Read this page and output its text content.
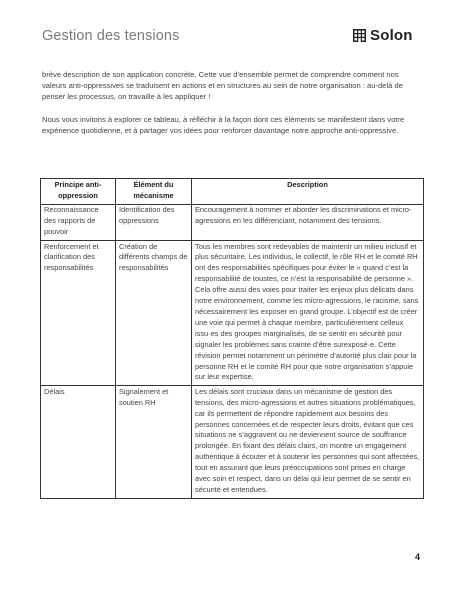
Gestion des tensions	Solon

brève description de son application concrète. Cette vue d’ensemble permet de comprendre comment nos valeurs anti-oppressives se traduisent en actions et en structures au sein de notre organisation : au-delà de penser les processus, on travaille à les appliquer !

Nous vous invitons à explorer ce tableau, à réfléchir à la façon dont ces éléments se manifestent dans votre expérience quotidienne, et à partager vos idées pour renforcer davantage notre approche anti-oppressive.

Principe anti-oppression	Élément du mécanisme	Description
Reconnaissance des rapports de pouvoir	Identification des oppressions	Encouragement à nommer et aborder les discriminations et micro-agressions en les différenciant, notamment des tensions.
Renforcement et clarification des responsabilités	Création de différents champs de responsabilités	Tous les membres sont redevables de maintenir un milieu inclusif et plus sécuritaire. Les individus, le collectif, le rôle RH et le comité RH ont des responsabilités spécifiques pour éviter le « quand c’est la responsabilité de toustes, ce n’est la responsabilité de personne ». Cela offre aussi des voies pour traiter les enjeux plus délicats dans notre environnement, comme les micro-agressions, le racisme, sans nécessairement les exposer en grand groupe. L’objectif est de créer une voie qui permet à chaque membre, particulièrement celleux issu·es des groupes marginalisés, de se sentir en sécurité pour signaler les problèmes sans crainte d’être surexposé·e. Cette révision permet notamment un périmètre d’autorité plus clair pour la personne RH et le comité RH pour que notre organisation s’appuie sur leur expertise.
Délais	Signalement et soutien RH	Les délais sont cruciaux dans un mécanisme de gestion des tensions, des micro-agressions et autres situations problématiques, car ils permettent de répondre rapidement aux besoins des personnes concernées et de respecter leurs droits, évitant que ces situations ne s’aggravent ou ne deviennent source de souffrance prolongée. En fixant des délais clairs, on montre un engagement authentique à écouter et à soutenir les personnes qui sont affectées, tout en assurant que leurs préoccupations sont prises en charge avec soin et respect, dans un délai qui leur permet de se sentir en sécurité et entendues.
4
